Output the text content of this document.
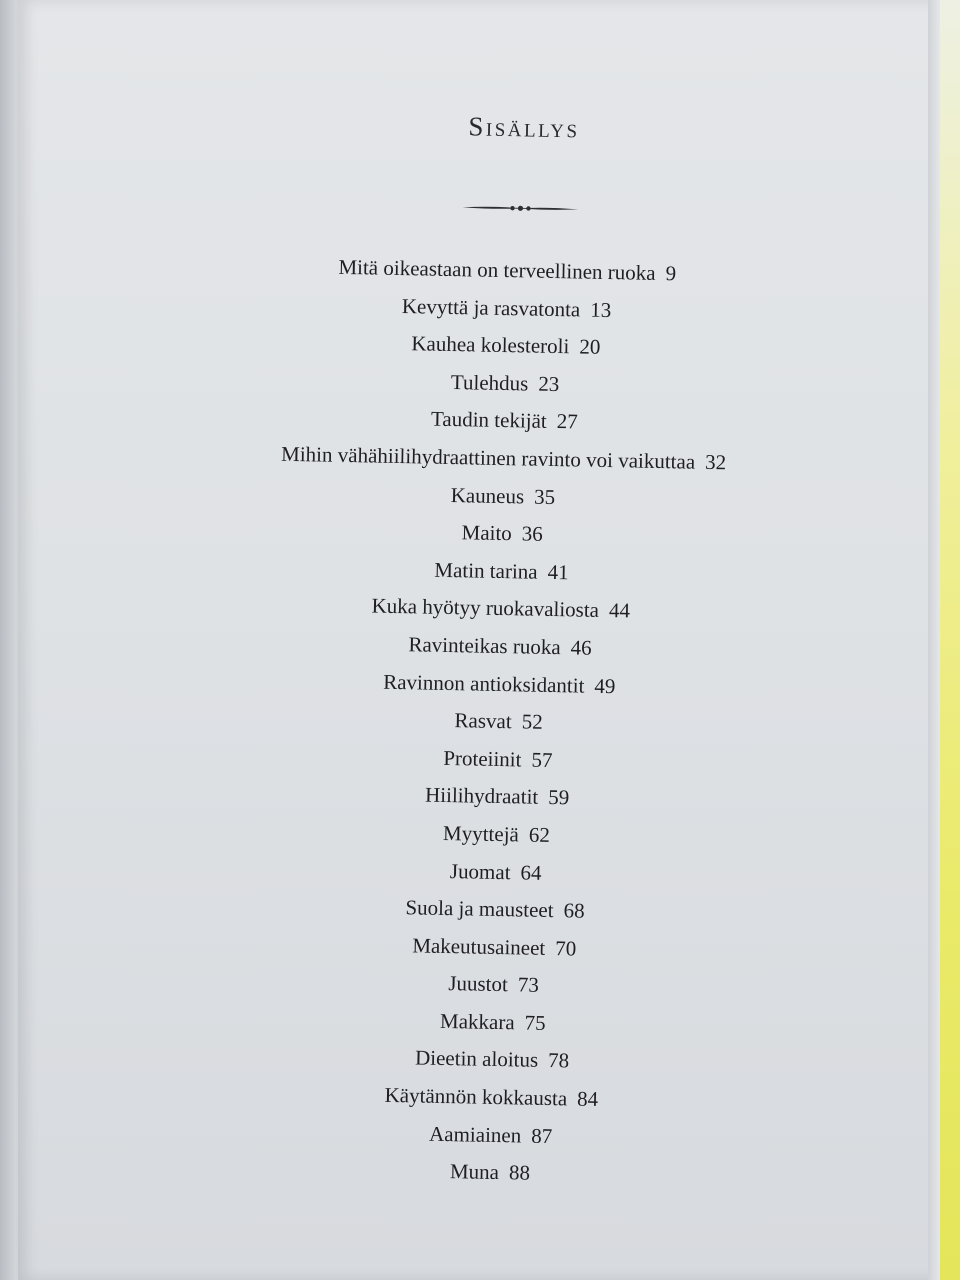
Sisällys
Mitä oikeastaan on terveellinen ruoka 9
Kevyttä ja rasvatonta 13
Kauhea kolesteroli 20
Tulehdus 23
Taudin tekijät 27
Mihin vähähiilihydraattinen ravinto voi vaikuttaa 32
Kauneus 35
Maito 36
Matin tarina 41
Kuka hyötyy ruokavaliosta 44
Ravinteikas ruoka 46
Ravinnon antioksidantit 49
Rasvat 52
Proteiinit 57
Hiilihydraatit 59
Myyttejä 62
Juomat 64
Suola ja mausteet 68
Makeutusaineet 70
Juustot 73
Makkara 75
Dieetin aloitus 78
Käytännön kokkausta 84
Aamiainen 87
Muna 88
